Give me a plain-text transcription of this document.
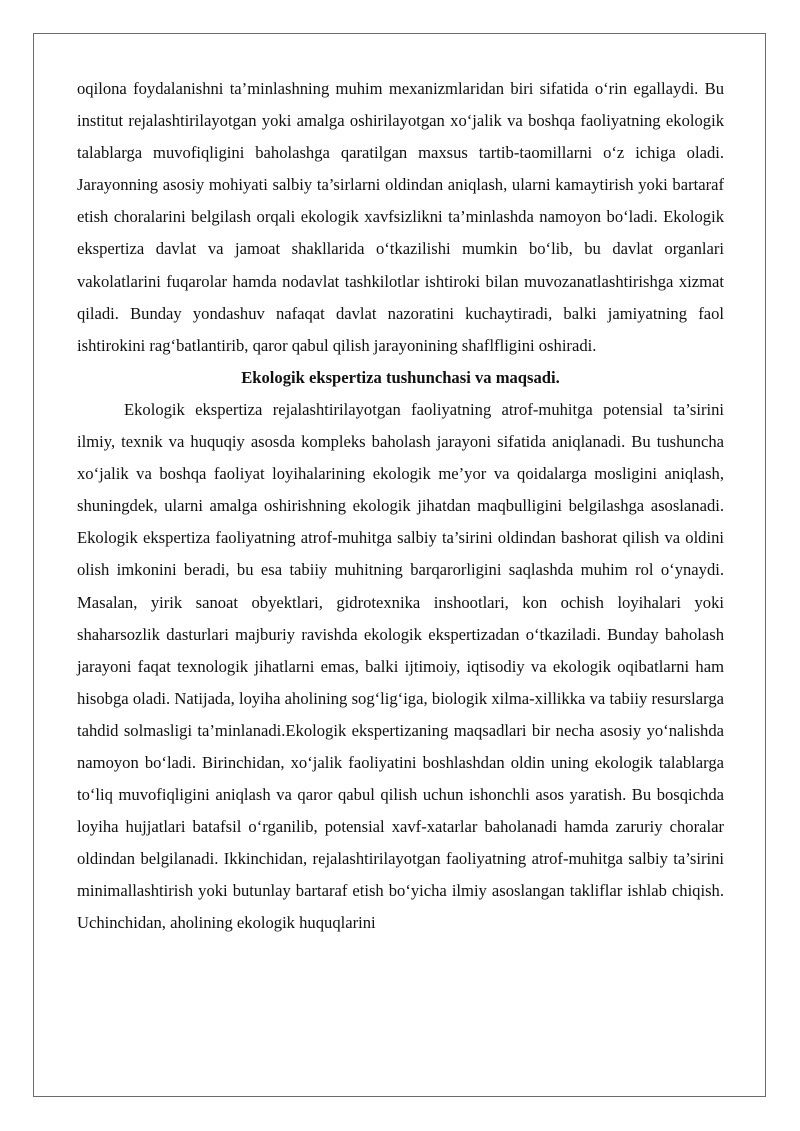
oqilona foydalanishni ta’minlashning muhim mexanizmlaridan biri sifatida o‘rin egallaydi. Bu institut rejalashtirilayotgan yoki amalga oshirilayotgan xo‘jalik va boshqa faoliyatning ekologik talablarga muvofiqligini baholashga qaratilgan maxsus tartib-taomillarni o‘z ichiga oladi. Jarayonning asosiy mohiyati salbiy ta’sirlarni oldindan aniqlash, ularni kamaytirish yoki bartaraf etish choralarini belgilash orqali ekologik xavfsizlikni ta’minlashda namoyon bo‘ladi. Ekologik ekspertiza davlat va jamoat shakllarida o‘tkazilishi mumkin bo‘lib, bu davlat organlari vakolatlarini fuqarolar hamda nodavlat tashkilotlar ishtiroki bilan muvozanatlashtirishga xizmat qiladi. Bunday yondashuv nafaqat davlat nazoratini kuchaytiradi, balki jamiyatning faol ishtirokini rag‘batlantirib, qaror qabul qilish jarayonining shaflfligini oshiradi.

Ekologik ekspertiza tushunchasi va maqsadi.

Ekologik ekspertiza rejalashtirilayotgan faoliyatning atrof-muhitga potensial ta’sirini ilmiy, texnik va huquqiy asosda kompleks baholash jarayoni sifatida aniqlanadi. Bu tushuncha xo‘jalik va boshqa faoliyat loyihalarining ekologik me’yor va qoidalarga mosligini aniqlash, shuningdek, ularni amalga oshirishning ekologik jihatdan maqbulligini belgilashga asoslanadi. Ekologik ekspertiza faoliyatning atrof-muhitga salbiy ta’sirini oldindan bashorat qilish va oldini olish imkonini beradi, bu esa tabiiy muhitning barqarorligini saqlashda muhim rol o‘ynaydi. Masalan, yirik sanoat obyektlari, gidrotexnika inshootlari, kon ochish loyihalari yoki shaharsozlik dasturlari majburiy ravishda ekologik ekspertizadan o‘tkaziladi. Bunday baholash jarayoni faqat texnologik jihatlarni emas, balki ijtimoiy, iqtisodiy va ekologik oqibatlarni ham hisobga oladi. Natijada, loyiha aholining sog‘lig‘iga, biologik xilma-xillikka va tabiiy resurslarga tahdid solmasligi ta’minlanadi.Ekologik ekspertizaning maqsadlari bir necha asosiy yo‘nalishda namoyon bo‘ladi. Birinchidan, xo‘jalik faoliyatini boshlashdan oldin uning ekologik talablarga to‘liq muvofiqligini aniqlash va qaror qabul qilish uchun ishonchli asos yaratish. Bu bosqichda loyiha hujjatlari batafsil o‘rganilib, potensial xavf-xatarlar baholanadi hamda zaruriy choralar oldindan belgilanadi. Ikkinchidan, rejalashtirilayotgan faoliyatning atrof-muhitga salbiy ta’sirini minimallashtirish yoki butunlay bartaraf etish bo‘yicha ilmiy asoslangan takliflar ishlab chiqish. Uchinchidan, aholining ekologik huquqlarini
